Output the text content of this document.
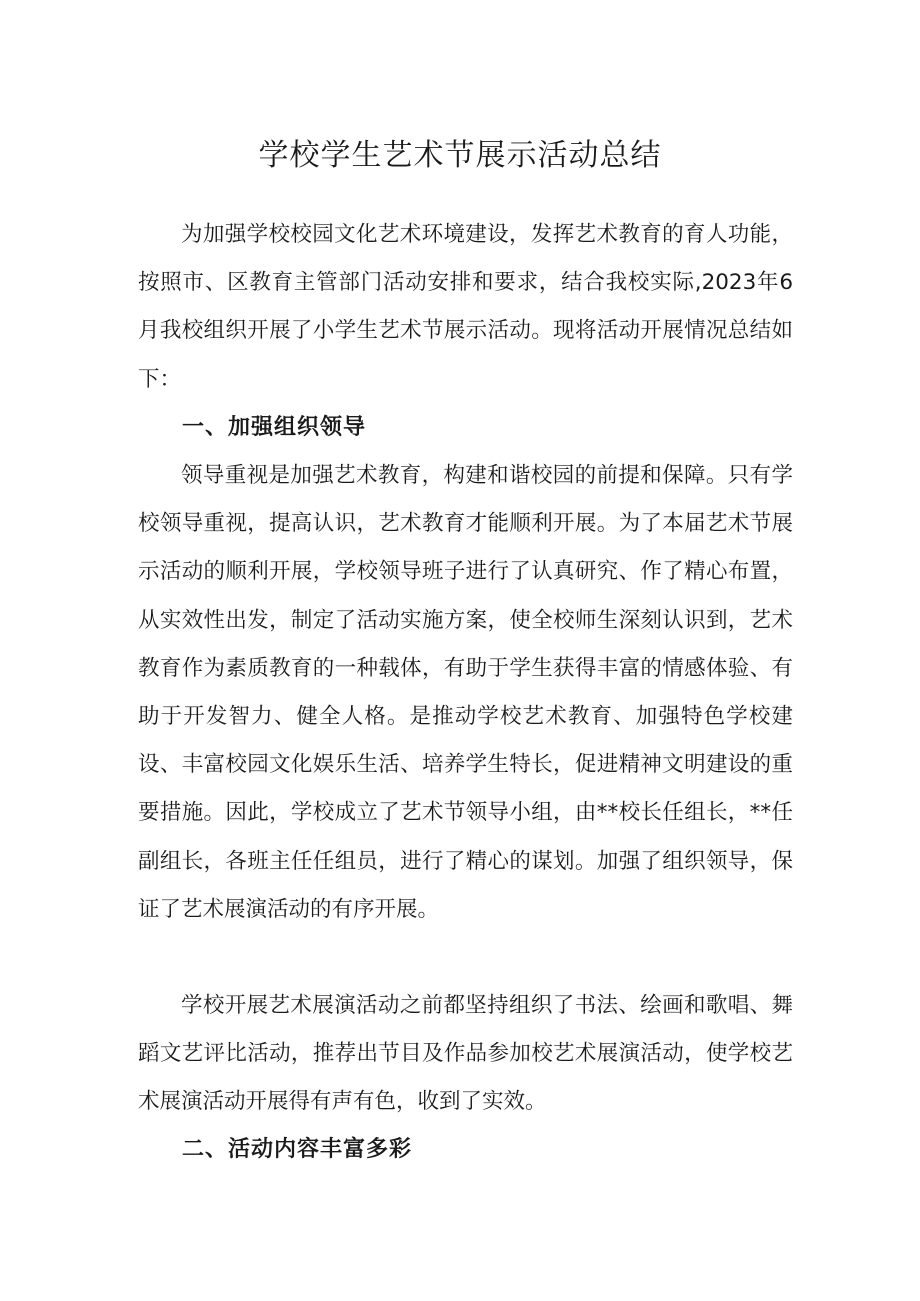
学校学生艺术节展示活动总结

为加强学校校园文化艺术环境建设，发挥艺术教育的育人功能，按照市、区教育主管部门活动安排和要求，结合我校实际,2023年6月我校组织开展了小学生艺术节展示活动。现将活动开展情况总结如下：

一、加强组织领导

领导重视是加强艺术教育，构建和谐校园的前提和保障。只有学校领导重视，提高认识，艺术教育才能顺利开展。为了本届艺术节展示活动的顺利开展，学校领导班子进行了认真研究、作了精心布置，从实效性出发，制定了活动实施方案，使全校师生深刻认识到，艺术教育作为素质教育的一种载体，有助于学生获得丰富的情感体验、有助于开发智力、健全人格。是推动学校艺术教育、加强特色学校建设、丰富校园文化娱乐生活、培养学生特长，促进精神文明建设的重要措施。因此，学校成立了艺术节领导小组，由**校长任组长，**任副组长，各班主任任组员，进行了精心的谋划。加强了组织领导，保证了艺术展演活动的有序开展。

学校开展艺术展演活动之前都坚持组织了书法、绘画和歌唱、舞蹈文艺评比活动，推荐出节目及作品参加校艺术展演活动，使学校艺术展演活动开展得有声有色，收到了实效。

二、活动内容丰富多彩
